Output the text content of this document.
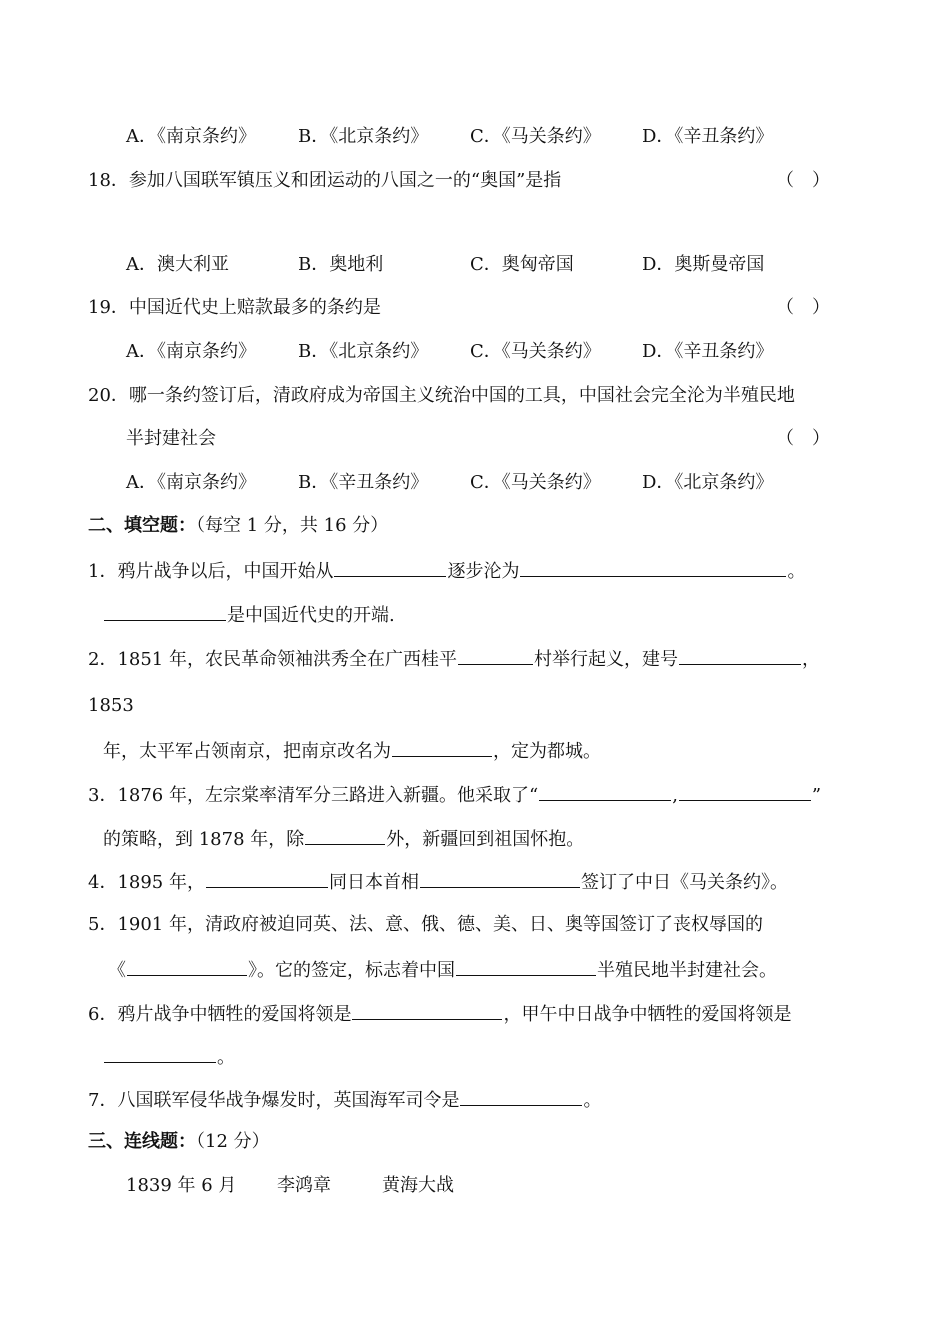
A．《南京条约》 B．《北京条约》 C．《马关条约》 D．《辛丑条约》
18．参加八国联军镇压义和团运动的八国之一的“奥国”是指	（　）
A．澳大利亚	B．奥地利	C．奥匈帝国	D．奥斯曼帝国
19．中国近代史上赔款最多的条约是	（　）
A．《南京条约》 B．《北京条约》 C．《马关条约》 D．《辛丑条约》
20．哪一条约签订后，清政府成为帝国主义统治中国的工具，中国社会完全沦为半殖民地
半封建社会	（　）
A．《南京条约》 B．《辛丑条约》 C．《马关条约》 D．《北京条约》
二、填空题：（每空 1 分，共 16 分）
1．鸦片战争以后，中国开始从	逐步沦为	。
是中国近代史的开端.
2．1851 年，农民革命领袖洪秀全在广西桂平	村举行起义，建号	，
1853
年，太平军占领南京，把南京改名为	，定为都城。
3．1876 年，左宗棠率清军分三路进入新疆。他采取了“	,	”
的策略，到 1878 年，除	外，新疆回到祖国怀抱。
4．1895 年，	同日本首相	签订了中日《马关条约》。
5．1901 年，清政府被迫同英、法、意、俄、德、美、日、奥等国签订了丧权辱国的
《	》。它的签定，标志着中国	半殖民地半封建社会。
6．鸦片战争中牺牲的爱国将领是	，甲午中日战争中牺牲的爱国将领是
。
7．八国联军侵华战争爆发时，英国海军司令是	。
三、连线题：（12 分）
1839 年 6 月 李鸿章	黄海大战
